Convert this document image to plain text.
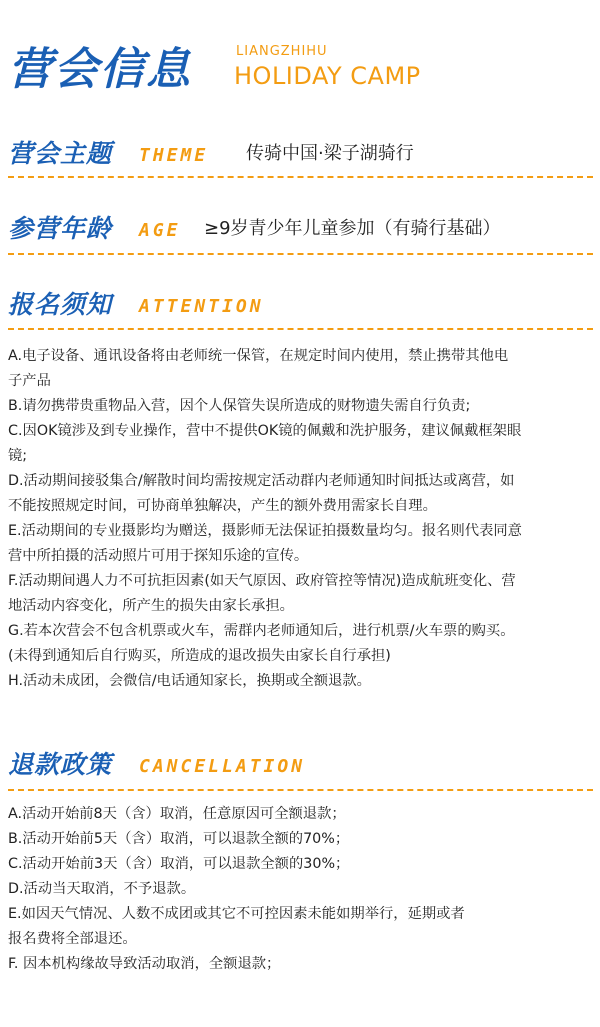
营会信息	LIANGZHIHU
HOLIDAY CAMP
营会主题 THEME 传骑中国·梁子湖骑行
参营年龄 AGE ≥9岁青少年儿童参加（有骑行基础）
报名须知 ATTENTION
A.电子设备、通讯设备将由老师统一保管，在规定时间内使用，禁止携带其他电
子产品
B.请勿携带贵重物品入营，因个人保管失误所造成的财物遗失需自行负责;
C.因OK镜涉及到专业操作，营中不提供OK镜的佩戴和洗护服务，建议佩戴框架眼
镜;
D.活动期间接驳集合/解散时间均需按规定活动群内老师通知时间抵达或离营，如
不能按照规定时间，可协商单独解决，产生的额外费用需家长自理。
E.活动期间的专业摄影均为赠送，摄影师无法保证拍摄数量均匀。报名则代表同意
营中所拍摄的活动照片可用于探知乐途的宣传。
F.活动期间遇人力不可抗拒因素(如天气原因、政府管控等情况)造成航班变化、营
地活动内容变化，所产生的损失由家长承担。
G.若本次营会不包含机票或火车，需群内老师通知后，进行机票/火车票的购买。
(未得到通知后自行购买，所造成的退改损失由家长自行承担)
H.活动未成团，会微信/电话通知家长，换期或全额退款。
退款政策 CANCELLATION
A.活动开始前8天（含）取消，任意原因可全额退款；
B.活动开始前5天（含）取消，可以退款全额的70%；
C.活动开始前3天（含）取消，可以退款全额的30%；
D.活动当天取消，不予退款。
E.如因天气情况、人数不成团或其它不可控因素未能如期举行，延期或者
报名费将全部退还。
F. 因本机构缘故导致活动取消，全额退款；
